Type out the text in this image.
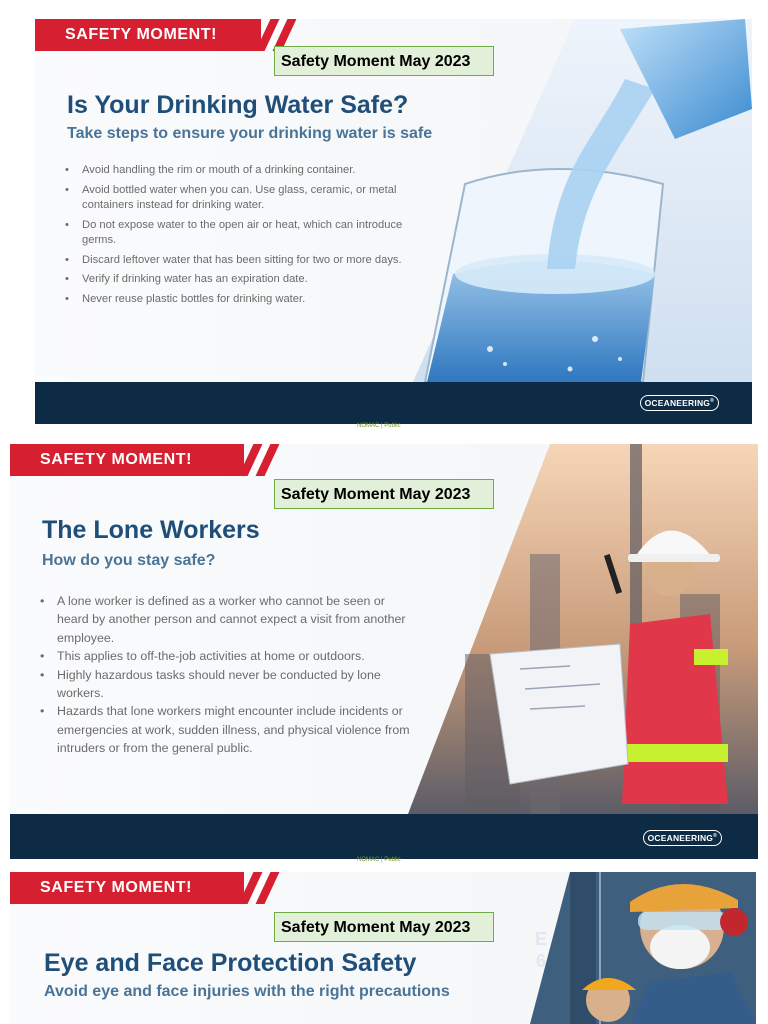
SAFETY MOMENT!
Safety Moment May 2023
Is Your Drinking Water Safe?
Take steps to ensure your drinking water is safe
• Avoid handling the rim or mouth of a drinking container.
• Avoid bottled water when you can. Use glass, ceramic, or metal containers instead for drinking water.
• Do not expose water to the open air or heat, which can introduce germs.
• Discard leftover water that has been sitting for two or more days.
• Verify if drinking water has an expiration date.
• Never reuse plastic bottles for drinking water.
OCEANEERING®
NOMAC | Public
SAFETY MOMENT!
Safety Moment May 2023
The Lone Workers
How do you stay safe?
• A lone worker is defined as a worker who cannot be seen or heard by another person and cannot expect a visit from another employee.
• This applies to off-the-job activities at home or outdoors.
• Highly hazardous tasks should never be conducted by lone workers.
• Hazards that lone workers might encounter include incidents or emergencies at work, sudden illness, and physical violence from intruders or from the general public.
OCEANEERING®
NOMAC | Public
E 6
SAFETY MOMENT!
Safety Moment May 2023
Eye and Face Protection Safety
Avoid eye and face injuries with the right precautions
